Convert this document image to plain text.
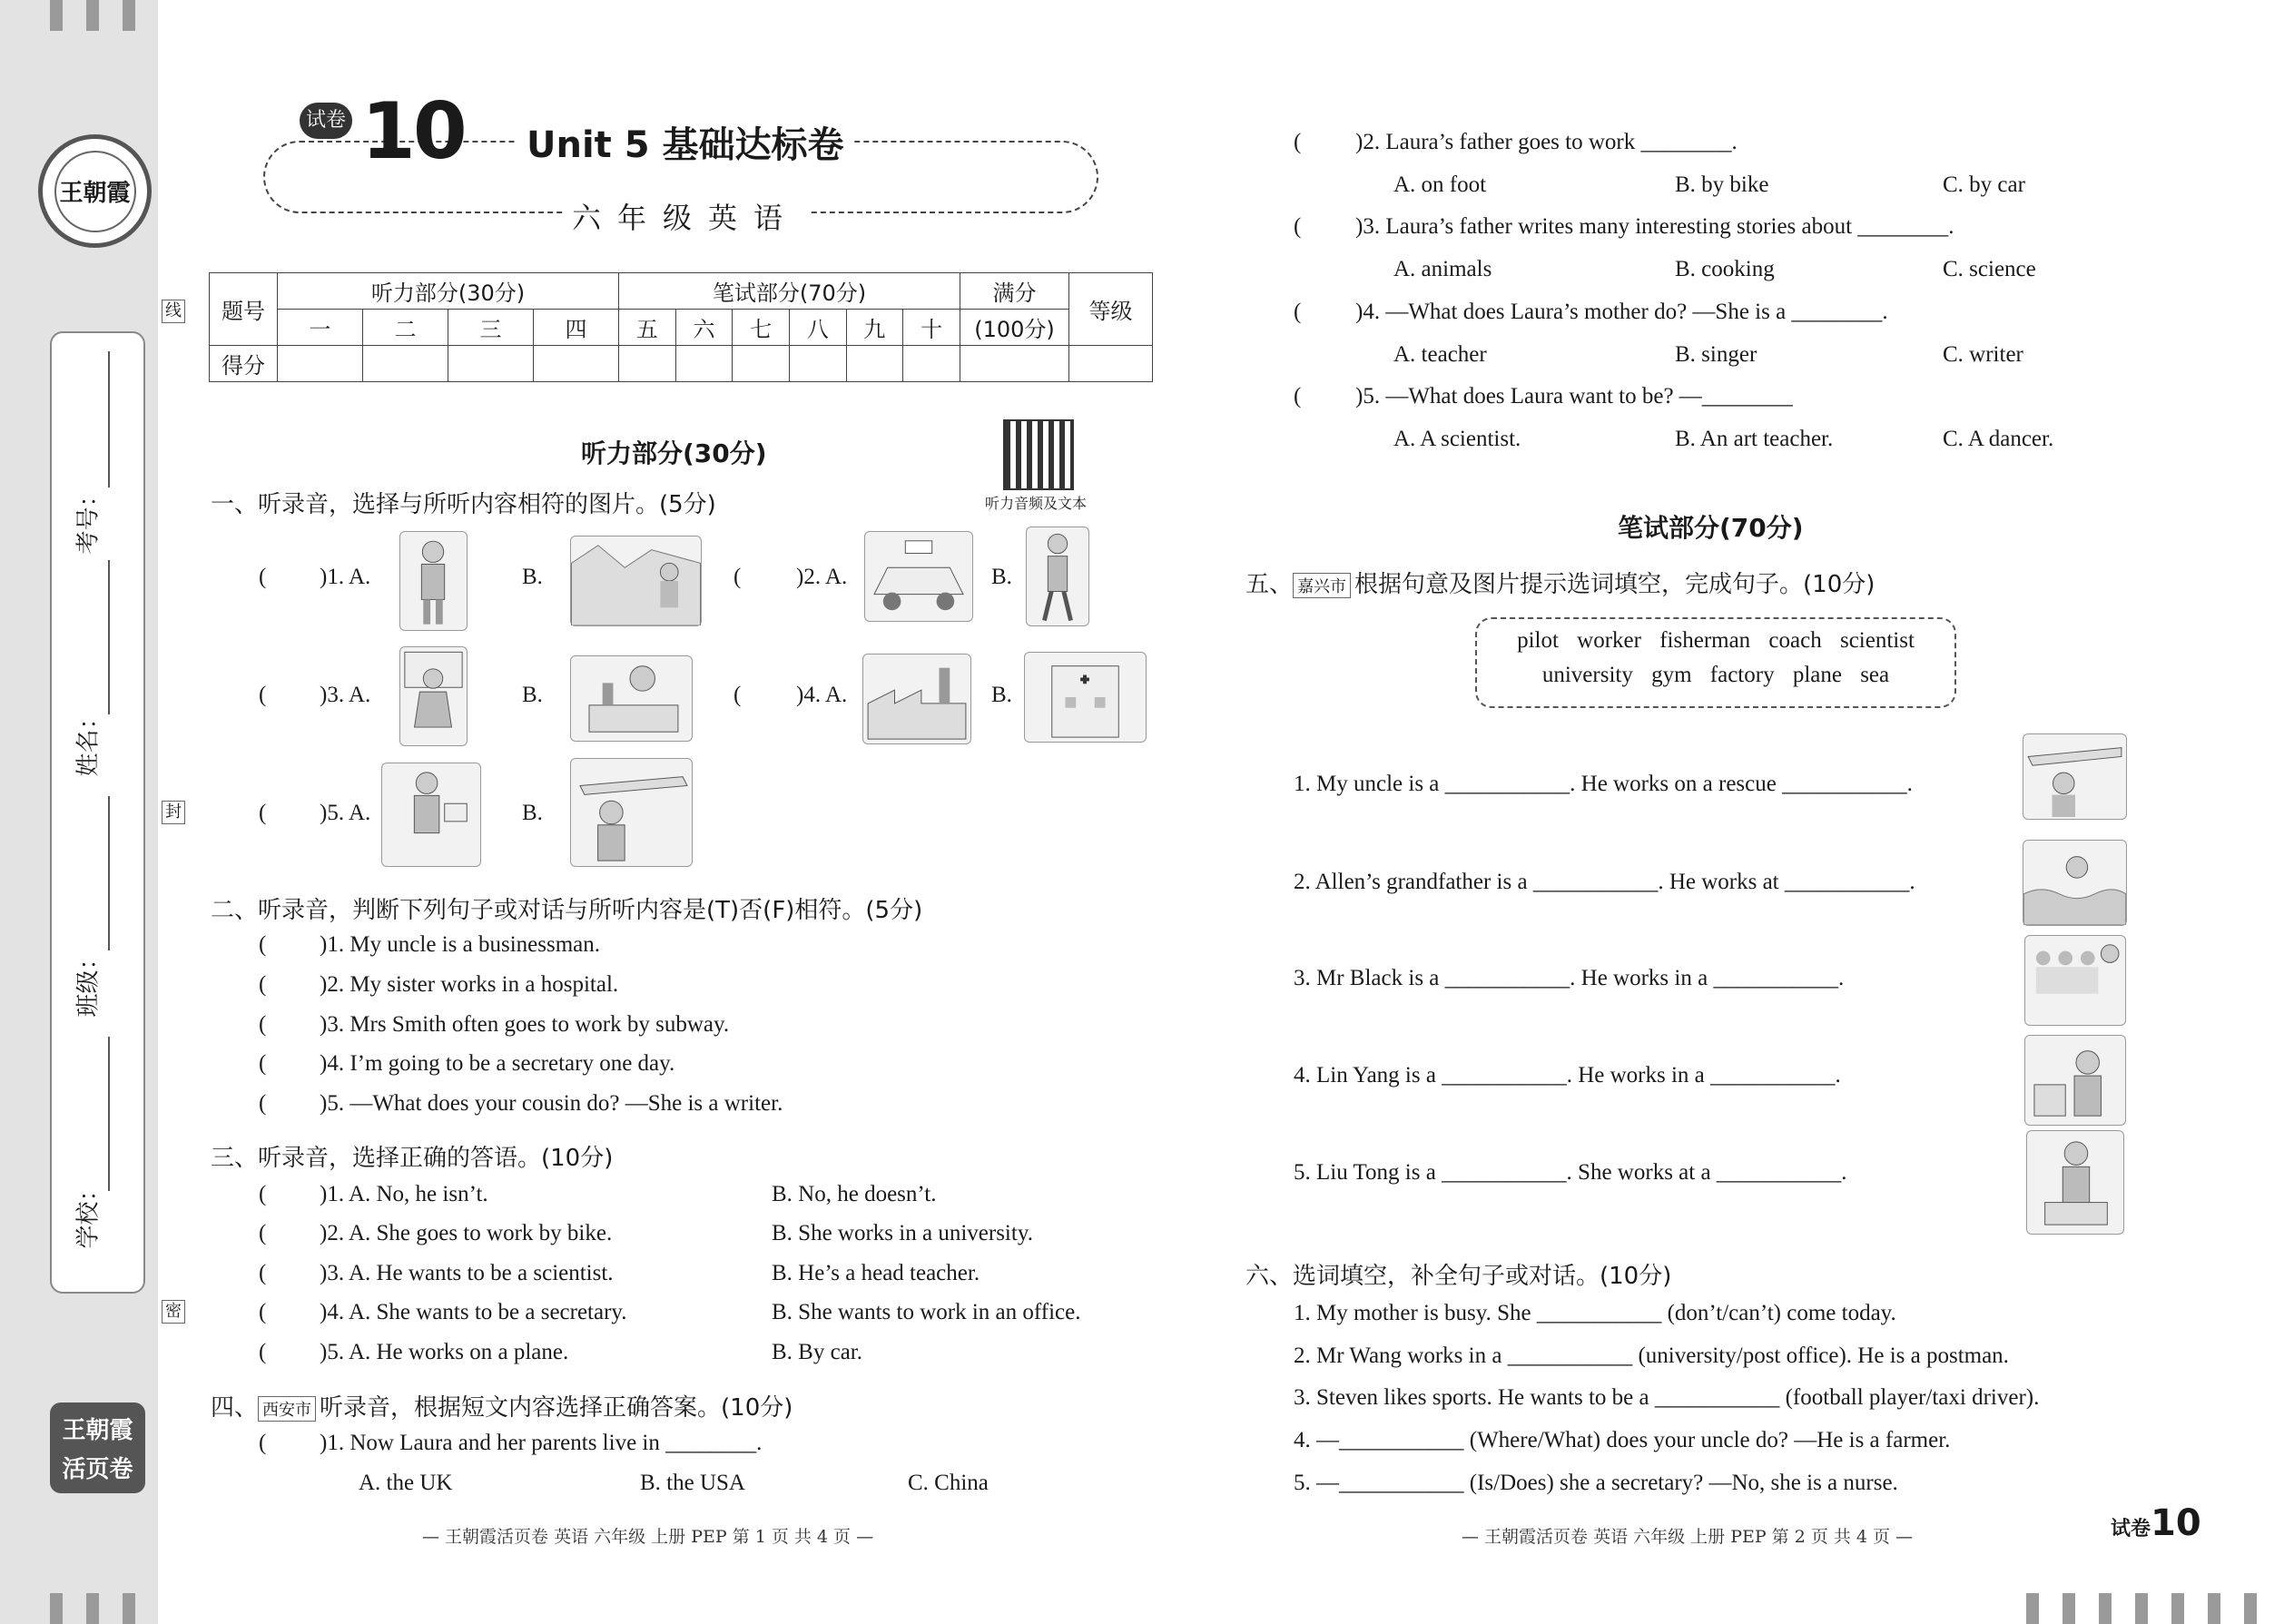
王朝霞
考号：
姓名：
班级：
学校：
线
封
密
王朝霞
活页卷
试卷 10 Unit 5 基础达标卷
六年级英语
题号	听力部分(30分)				笔试部分(70分)						满分	等级
	一	二	三	四	五	六	七	八	九	十	(100分)	
得分												
听力部分(30分)
听力音频及文本
一、听录音，选择与所听内容相符的图片。(5分)
( )1. A.	B.	( )2. A.	B.
( )3. A.	B.	( )4. A.	B.
( )5. A.	B.
二、听录音，判断下列句子或对话与所听内容是(T)否(F)相符。(5分)
( )1. My uncle is a businessman.
( )2. My sister works in a hospital.
( )3. Mrs Smith often goes to work by subway.
( )4. I’m going to be a secretary one day.
( )5. —What does your cousin do? —She is a writer.
三、听录音，选择正确的答语。(10分)
( )1. A. No, he isn’t.	B. No, he doesn’t.
( )2. A. She goes to work by bike.	B. She works in a university.
( )3. A. He wants to be a scientist.	B. He’s a head teacher.
( )4. A. She wants to be a secretary.	B. She wants to work in an office.
( )5. A. He works on a plane.	B. By car.
四、 西安市 听录音，根据短文内容选择正确答案。(10分)
( )1. Now Laura and her parents live in ________.
A. the UK	B. the USA	C. China
( )2. Laura’s father goes to work ________.
A. on foot	B. by bike	C. by car
( )3. Laura’s father writes many interesting stories about ________.
A. animals	B. cooking	C. science
( )4. —What does Laura’s mother do? —She is a ________.
A. teacher	B. singer	C. writer
( )5. —What does Laura want to be? —________
A. A scientist.	B. An art teacher.	C. A dancer.
笔试部分(70分)
五、 嘉兴市 根据句意及图片提示选词填空，完成句子。(10分)
pilot worker fisherman coach scientist
university gym factory plane sea
1. My uncle is a ___________. He works on a rescue ___________.
2. Allen’s grandfather is a ___________. He works at ___________.
3. Mr Black is a ___________. He works in a ___________.
4. Lin Yang is a ___________. He works in a ___________.
5. Liu Tong is a ___________. She works at a ___________.
六、选词填空，补全句子或对话。(10分)
1. My mother is busy. She ___________ (don’t/can’t) come today.
2. Mr Wang works in a ___________ (university/post office). He is a postman.
3. Steven likes sports. He wants to be a ___________ (football player/taxi driver).
4. —___________ (Where/What) does your uncle do? —He is a farmer.
5. —___________ (Is/Does) she a secretary? —No, she is a nurse.
— 王朝霞活页卷 英语 六年级 上册 PEP 第 1 页 共 4 页 —	— 王朝霞活页卷 英语 六年级 上册 PEP 第 2 页 共 4 页 —	试卷10
